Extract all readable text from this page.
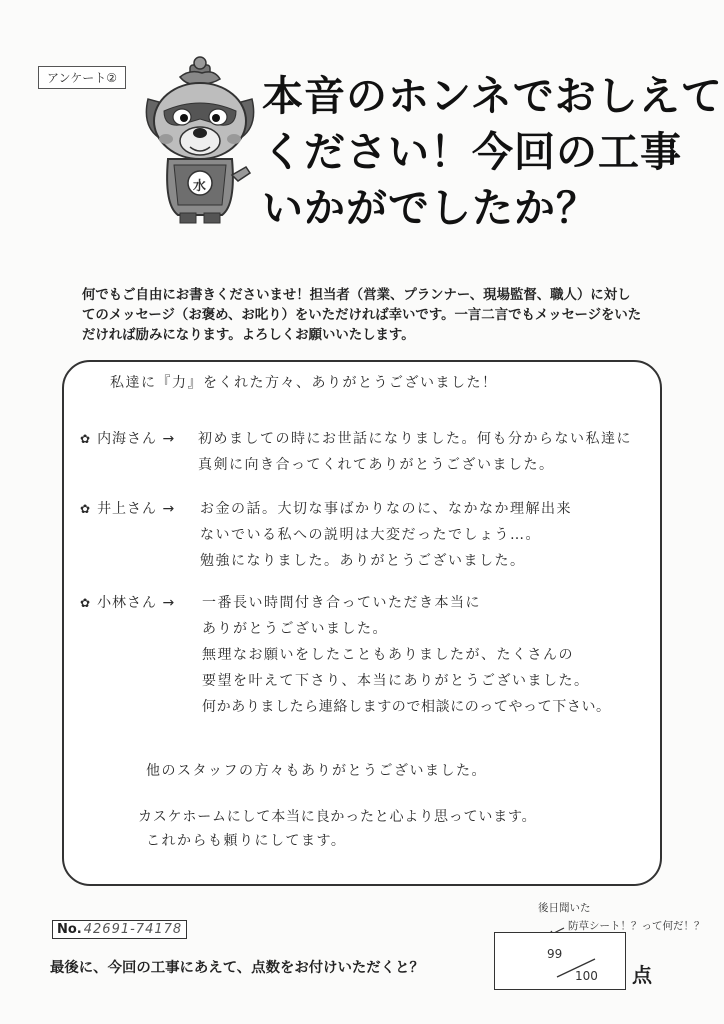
アンケート②
水
本音のホンネでおしえて
ください！今回の工事
いかがでしたか？
何でもご自由にお書きくださいませ！担当者（営業、プランナー、現場監督、職人）に対してのメッセージ（お褒め、お叱り）をいただければ幸いです。一言二言でもメッセージをいただければ励みになります。よろしくお願いいたします。
私達に『力』をくれた方々、ありがとうございました！
✿ 内海さん → 初めましての時にお世話になりました。何も分からない私達に
真剣に向き合ってくれてありがとうございました。
✿ 井上さん → お金の話。大切な事ばかりなのに、なかなか理解出来
ないでいる私への説明は大変だったでしょう…。
勉強になりました。ありがとうございました。
✿ 小林さん → 一番長い時間付き合っていただき本当に
ありがとうございました。
無理なお願いをしたこともありましたが、たくさんの
要望を叶えて下さり、本当にありがとうございました。
何かありましたら連絡しますので相談にのってやって下さい。
他のスタッフの方々もありがとうございました。
カスケホームにして本当に良かったと心より思っています。
これからも頼りにしてます。
No. 42691-74178
最後に、今回の工事にあえて、点数をお付けいただくと？
後日聞いた
防草シート！？って何だ！？
99
100 点
